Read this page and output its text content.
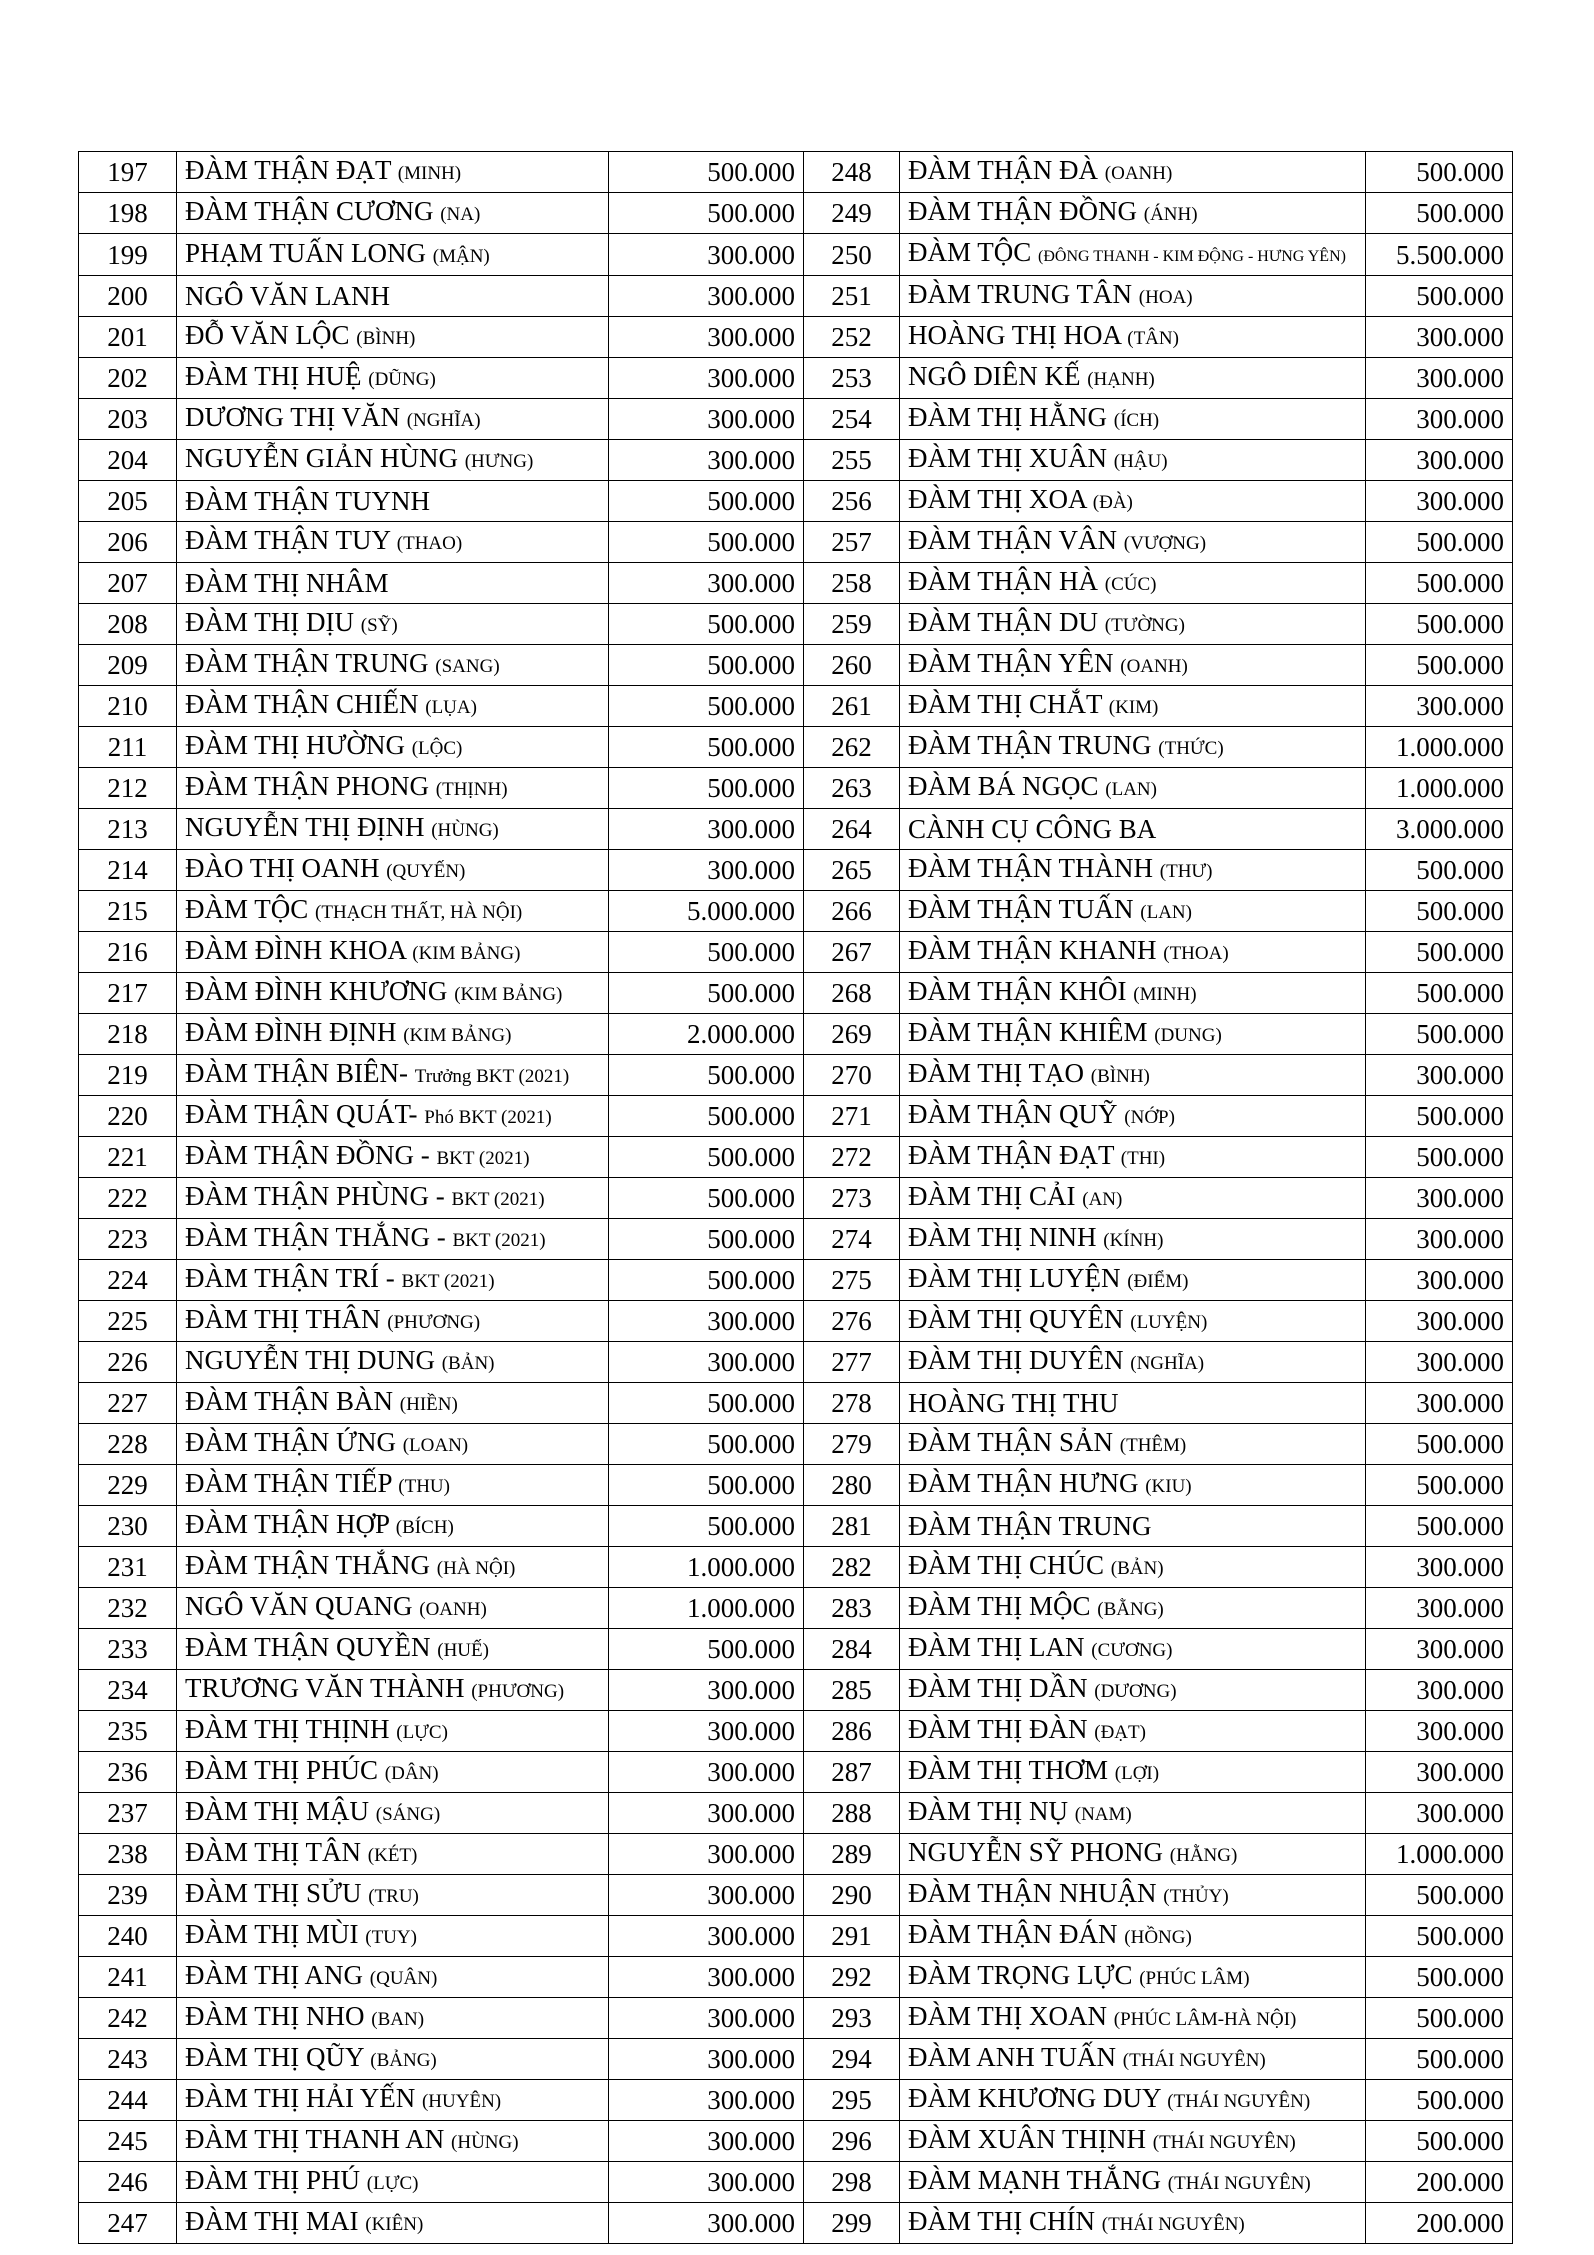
197	ĐÀM THẬN ĐẠT (MINH)	500.000	248	ĐÀM THẬN ĐÀ (OANH)	500.000
198	ĐÀM THẬN CƯƠNG (NA)	500.000	249	ĐÀM THẬN ĐỒNG (ÁNH)	500.000
199	PHẠM TUẤN LONG (MẬN)	300.000	250	ĐÀM TỘC (ĐÔNG THANH - KIM ĐỘNG - HƯNG YÊN)	5.500.000
200	NGÔ VĂN LANH	300.000	251	ĐÀM TRUNG TÂN (HOA)	500.000
201	ĐỖ VĂN LỘC (BÌNH)	300.000	252	HOÀNG THỊ HOA (TÂN)	300.000
202	ĐÀM THỊ HUỆ (DŨNG)	300.000	253	NGÔ DIÊN KẾ (HẠNH)	300.000
203	DƯƠNG THỊ VĂN (NGHĨA)	300.000	254	ĐÀM THỊ HẰNG (ÍCH)	300.000
204	NGUYỄN GIẢN HÙNG (HƯNG)	300.000	255	ĐÀM THỊ XUÂN (HẬU)	300.000
205	ĐÀM THẬN TUYNH	500.000	256	ĐÀM THỊ XOA (ĐÀ)	300.000
206	ĐÀM THẬN TUY (THAO)	500.000	257	ĐÀM THẬN VÂN (VƯỢNG)	500.000
207	ĐÀM THỊ NHÂM	300.000	258	ĐÀM THẬN HÀ (CÚC)	500.000
208	ĐÀM THỊ DỊU (SỸ)	500.000	259	ĐÀM THẬN DU (TƯỜNG)	500.000
209	ĐÀM THẬN TRUNG (SANG)	500.000	260	ĐÀM THẬN YÊN (OANH)	500.000
210	ĐÀM THẬN CHIẾN (LỤA)	500.000	261	ĐÀM THỊ CHẮT (KIM)	300.000
211	ĐÀM THỊ HƯỜNG (LỘC)	500.000	262	ĐÀM THẬN TRUNG (THỨC)	1.000.000
212	ĐÀM THẬN PHONG (THỊNH)	500.000	263	ĐÀM BÁ NGỌC (LAN)	1.000.000
213	NGUYỄN THỊ ĐỊNH (HÙNG)	300.000	264	CÀNH CỤ CÔNG BA	3.000.000
214	ĐÀO THỊ OANH (QUYẾN)	300.000	265	ĐÀM THẬN THÀNH (THƯ)	500.000
215	ĐÀM TỘC (THẠCH THẤT, HÀ NỘI)	5.000.000	266	ĐÀM THẬN TUẤN (LAN)	500.000
216	ĐÀM ĐÌNH KHOA (KIM BẢNG)	500.000	267	ĐÀM THẬN KHANH (THOA)	500.000
217	ĐÀM ĐÌNH KHƯƠNG (KIM BẢNG)	500.000	268	ĐÀM THẬN KHÔI (MINH)	500.000
218	ĐÀM ĐÌNH ĐỊNH (KIM BẢNG)	2.000.000	269	ĐÀM THẬN KHIÊM (DUNG)	500.000
219	ĐÀM THẬN BIÊN- Trưởng BKT (2021)	500.000	270	ĐÀM THỊ TẠO (BÌNH)	300.000
220	ĐÀM THẬN QUÁT- Phó BKT (2021)	500.000	271	ĐÀM THẬN QUỸ (NỚP)	500.000
221	ĐÀM THẬN ĐỒNG - BKT (2021)	500.000	272	ĐÀM THẬN ĐẠT (THI)	500.000
222	ĐÀM THẬN PHÙNG - BKT (2021)	500.000	273	ĐÀM THỊ CẢI (AN)	300.000
223	ĐÀM THẬN THẮNG - BKT (2021)	500.000	274	ĐÀM THỊ NINH (KÍNH)	300.000
224	ĐÀM THẬN TRÍ - BKT (2021)	500.000	275	ĐÀM THỊ LUYỆN (ĐIỂM)	300.000
225	ĐÀM THỊ THÂN (PHƯƠNG)	300.000	276	ĐÀM THỊ QUYÊN (LUYỆN)	300.000
226	NGUYỄN THỊ DUNG (BẢN)	300.000	277	ĐÀM THỊ DUYÊN (NGHĨA)	300.000
227	ĐÀM THẬN BÀN (HIỀN)	500.000	278	HOÀNG THỊ THU	300.000
228	ĐÀM THẬN ỨNG (LOAN)	500.000	279	ĐÀM THẬN SẢN (THÊM)	500.000
229	ĐÀM THẬN TIẾP (THU)	500.000	280	ĐÀM THẬN HƯNG (KIU)	500.000
230	ĐÀM THẬN HỢP (BÍCH)	500.000	281	ĐÀM THẬN TRUNG	500.000
231	ĐÀM THẬN THẮNG (HÀ NỘI)	1.000.000	282	ĐÀM THỊ CHÚC (BẢN)	300.000
232	NGÔ VĂN QUANG (OANH)	1.000.000	283	ĐÀM THỊ MỘC (BẰNG)	300.000
233	ĐÀM THẬN QUYỀN (HUẾ)	500.000	284	ĐÀM THỊ LAN (CƯƠNG)	300.000
234	TRƯƠNG VĂN THÀNH (PHƯƠNG)	300.000	285	ĐÀM THỊ DẦN (DƯƠNG)	300.000
235	ĐÀM THỊ THỊNH (LỰC)	300.000	286	ĐÀM THỊ ĐÀN (ĐẠT)	300.000
236	ĐÀM THỊ PHÚC (DÂN)	300.000	287	ĐÀM THỊ THƠM (LỢI)	300.000
237	ĐÀM THỊ MẬU (SÁNG)	300.000	288	ĐÀM THỊ NỤ (NAM)	300.000
238	ĐÀM THỊ TÂN (KÉT)	300.000	289	NGUYỄN SỸ PHONG (HẰNG)	1.000.000
239	ĐÀM THỊ SỬU (TRU)	300.000	290	ĐÀM THẬN NHUẬN (THỦY)	500.000
240	ĐÀM THỊ MÙI (TUY)	300.000	291	ĐÀM THẬN ĐÁN (HỒNG)	500.000
241	ĐÀM THỊ ANG (QUÂN)	300.000	292	ĐÀM TRỌNG LỰC (PHÚC LÂM)	500.000
242	ĐÀM THỊ NHO (BAN)	300.000	293	ĐÀM THỊ XOAN (PHÚC LÂM-HÀ NỘI)	500.000
243	ĐÀM THỊ QŨY (BẢNG)	300.000	294	ĐÀM ANH TUẤN (THÁI NGUYÊN)	500.000
244	ĐÀM THỊ HẢI YẾN (HUYÊN)	300.000	295	ĐÀM KHƯƠNG DUY (THÁI NGUYÊN)	500.000
245	ĐÀM THỊ THANH AN (HÙNG)	300.000	296	ĐÀM XUÂN THỊNH (THÁI NGUYÊN)	500.000
246	ĐÀM THỊ PHÚ (LỰC)	300.000	298	ĐÀM MẠNH THẮNG (THÁI NGUYÊN)	200.000
247	ĐÀM THỊ MAI (KIÊN)	300.000	299	ĐÀM THỊ CHÍN (THÁI NGUYÊN)	200.000
